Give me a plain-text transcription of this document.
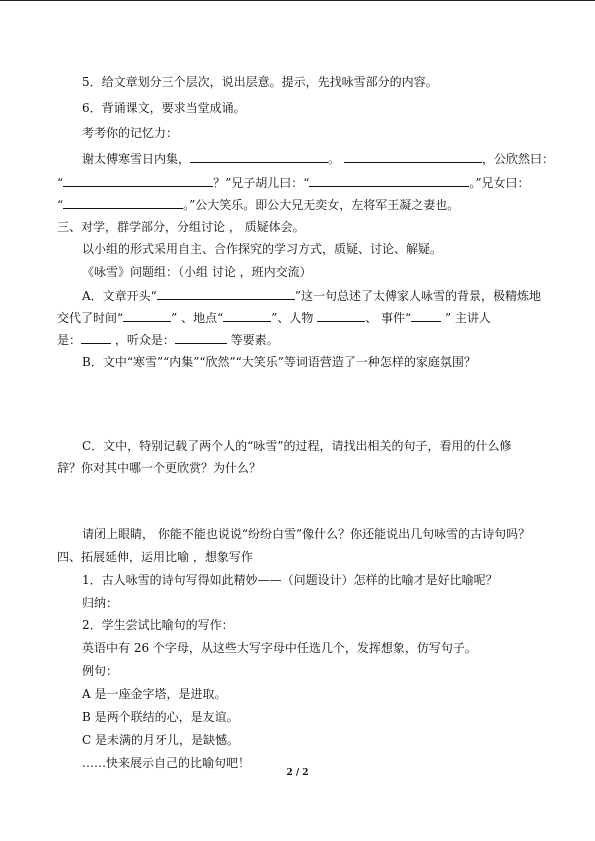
5．给文章划分三个层次，说出层意。提示，先找咏雪部分的内容。
6．背诵课文，要求当堂成诵。
考考你的记忆力：
谢太傅寒雪日内集，	。	，公欣然曰：
“	？”兄子胡儿曰：“	。”兄女曰：
“	。”公大笑乐。即公大兄无奕女，左将军王凝之妻也。
三、对学，群学部分，分组讨论 ， 质疑体会。
以小组的形式采用自主、合作探究的学习方式，质疑、讨论、解疑。
《咏雪》问题组：（小组 讨论 ，班内交流）
A．文章开头“	”这一句总述了太傅家人咏雪的背景，极精炼地
交代了时间“	” 、地点“	”、人物	、 事件“	” 主讲人
是：	，听众是：	等要素。
B．文中“寒雪”“内集”“欣然”“大笑乐”等词语营造了一种怎样的家庭氛围？
C．文中，特别记载了两个人的“咏雪”的过程，请找出相关的句子，看用的什么修
辞？你对其中哪一个更欣赏？为什么？
请闭上眼睛， 你能不能也说说“纷纷白雪”像什么？你还能说出几句咏雪的古诗句吗？
四、拓展延伸，运用比喻 ，想象写作
1．古人咏雪的诗句写得如此精妙——（问题设计）怎样的比喻才是好比喻呢？
归纳：
2．学生尝试比喻句的写作：
英语中有 26 个字母，从这些大写字母中任选几个，发挥想象，仿写句子。
例句：
A 是一座金字塔，是进取。
B 是两个联结的心，是友谊。
C 是未满的月牙儿，是缺憾。
……快来展示自己的比喻句吧！
2 / 2
